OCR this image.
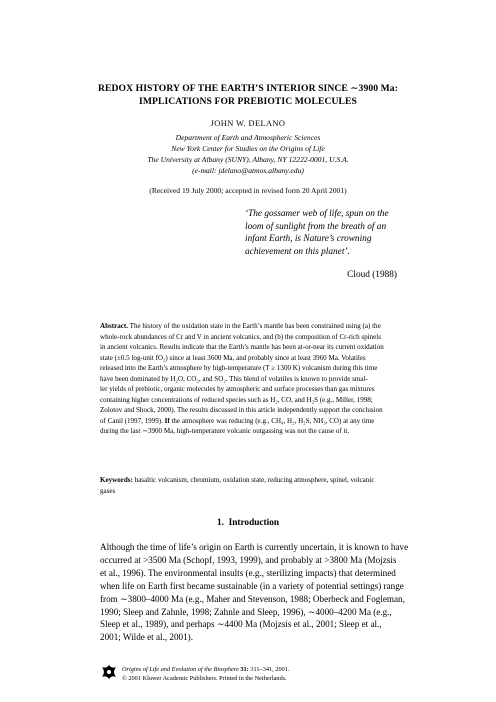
REDOX HISTORY OF THE EARTH’S INTERIOR SINCE ∼3900 Ma:
IMPLICATIONS FOR PREBIOTIC MOLECULES
JOHN W. DELANO
Department of Earth and Atmospheric Sciences
New York Center for Studies on the Origins of Life
The University at Albany (SUNY), Albany, NY 12222-0001, U.S.A.
(e-mail: jdelano@atmos.albany.edu)
(Received 19 July 2000; accepted in revised form 20 April 2001)
‘The gossamer web of life, spun on the
loom of sunlight from the breath of an
infant Earth, is Nature’s crowning
achievement on this planet’.
Cloud (1988)
Abstract. The history of the oxidation state in the Earth’s mantle has been constrained using (a) the
whole-rock abundances of Cr and V in ancient volcanics, and (b) the composition of Cr-rich spinels
in ancient volcanics. Results indicate that the Earth’s mantle has been at-or-near its current oxidation
state (±0.5 log-unit fO₂) since at least 3600 Ma, and probably since at least 3960 Ma. Volatiles
released into the Earth’s atmosphere by high-temperature (T ≥ 1300 K) volcanism during this time
have been dominated by H₂O, CO₂, and SO₂. This blend of volatiles is known to provide smal-
ler yields of prebiotic, organic molecules by atmospheric and surface processes than gas mixtures
containing higher concentrations of reduced species such as H₂, CO, and H₂S (e.g., Miller, 1998;
Zolotov and Shock, 2000). The results discussed in this article independently support the conclusion
of Canil (1997, 1999). If the atmosphere was reducing (e.g., CH₄, H₂, H₂S, NH₃, CO) at any time
during the last ∼3900 Ma, high-temperature volcanic outgassing was not the cause of it.
Keywords: basaltic volcanism, chromium, oxidation state, reducing atmosphere, spinel, volcanic
gases
1. Introduction
Although the time of life’s origin on Earth is currently uncertain, it is known to have
occurred at >3500 Ma (Schopf, 1993, 1999), and probably at >3800 Ma (Mojzsis
et al., 1996). The environmental insults (e.g., sterilizing impacts) that determined
when life on Earth first became sustainable (in a variety of potential settings) range
from ∼3800–4000 Ma (e.g., Maher and Stevenson, 1988; Oberbeck and Fogleman,
1990; Sleep and Zahnle, 1998; Zahnle and Sleep, 1996), ∼4000–4200 Ma (e.g.,
Sleep et al., 1989), and perhaps ∼4400 Ma (Mojzsis et al., 2001; Sleep et al.,
2001; Wilde et al., 2001).
Origins of Life and Evolution of the Biosphere 31: 311–341, 2001.
© 2001 Kluwer Academic Publishers. Printed in the Netherlands.
